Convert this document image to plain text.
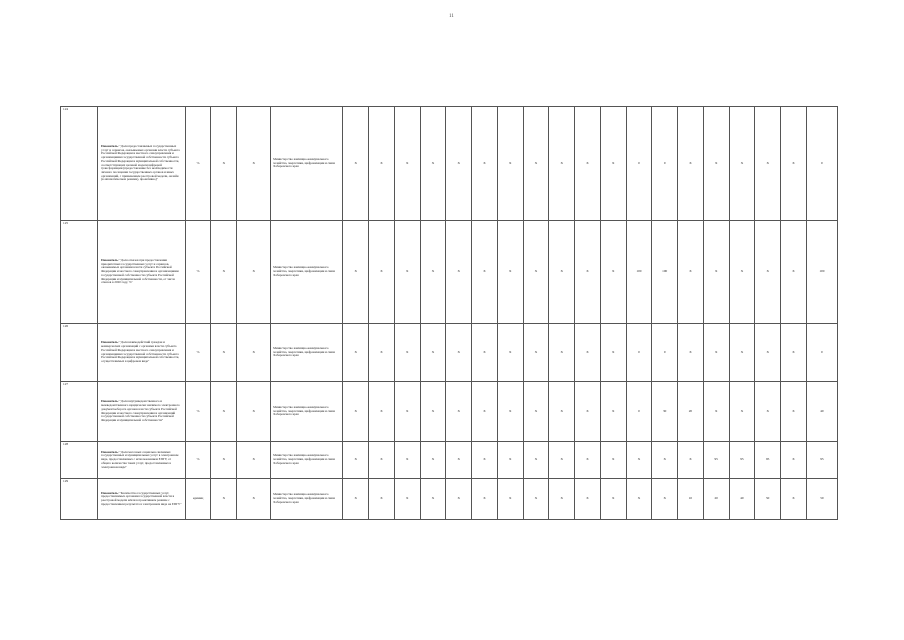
11
124	Показатель: "Доля предоставляемых государственных услуг и сервисов, оказываемых органами власти субъекта Российской Федерации и местного самоуправления и организациями государственной собственности субъекта Российской Федерации и муниципальной собственности, соответствующих целевой модели цифровой трансформации (предоставление без необходимости личного посещения государственных органов и иных организаций, с применением реестровой модели, онлайн (в автоматическом режиме), проактивно)"	%	X	X	Министерство жилищно-коммунального хозяйства, энергетики, цифровизации и связи Хабаровского края	X	X	X	X	X	X	X	X	X	X	X	0	0	X	X	X	X	X	0
125	Показатель: "Доля отказов при предоставлении приоритетных государственных услуг и сервисов, оказываемых органами власти субъекта Российской Федерации и местного самоуправления и организациями государственной собственности субъекта Российской Федерации и муниципальной собственности, от числа отказов в 2020 году, %"	%	X	X	Министерство жилищно-коммунального хозяйства, энергетики, цифровизации и связи Хабаровского края	X	X	X	X	X	X	X	X	X	X	X	100	100	X	X	X	X	X	100
126	Показатель: "Доля взаимодействий граждан и коммерческих организаций с органами власти субъекта Российской Федерации и местного самоуправления и организациями государственной собственности субъекта Российской Федерации и муниципальной собственности, осуществляемых в цифровом виде"	%	X	X	Министерство жилищно-коммунального хозяйства, энергетики, цифровизации и связи Хабаровского края	X	X	X	X	X	X	X	X	X	X	X	0	0	X	X	X	X	X	0
127	Показатель: "Доля внутриведомственного и межведомственного юридически значимого электронного документооборота органов власти субъекта Российской Федерации и местного самоуправления и организаций государственной собственности субъекта Российской Федерации и муниципальной собственности"	%	X	X	Министерство жилищно-коммунального хозяйства, энергетики, цифровизации и связи Хабаровского края	X	X	X	X	X	X	X	X	X	X	X	0	30	20	X	X	X	X	40
128	Показатель: "Доля массовых социально значимых государственных и муниципальных услуг в электронном виде, предоставляемых с использованием ЕПГУ, от общего количества таких услуг, предоставляемых в электронном виде"	%	X	X	Министерство жилищно-коммунального хозяйства, энергетики, цифровизации и связи Хабаровского края	X	X	X	X	X	X	X	X	X	X	X	X	X	X	95	95	95	X	95
129	Показатель: "Количество государственных услуг, предоставляемых органами государственной власти в реестровой модели и/или в проактивном режиме с предоставлением результата в электронном виде на ЕПГУ"	единиц	X	X	Министерство жилищно-коммунального хозяйства, энергетики, цифровизации и связи Хабаровского края	X	X	X	X	X	X	X	X	X	X	X	X	X	10	20	40	50	X	50
